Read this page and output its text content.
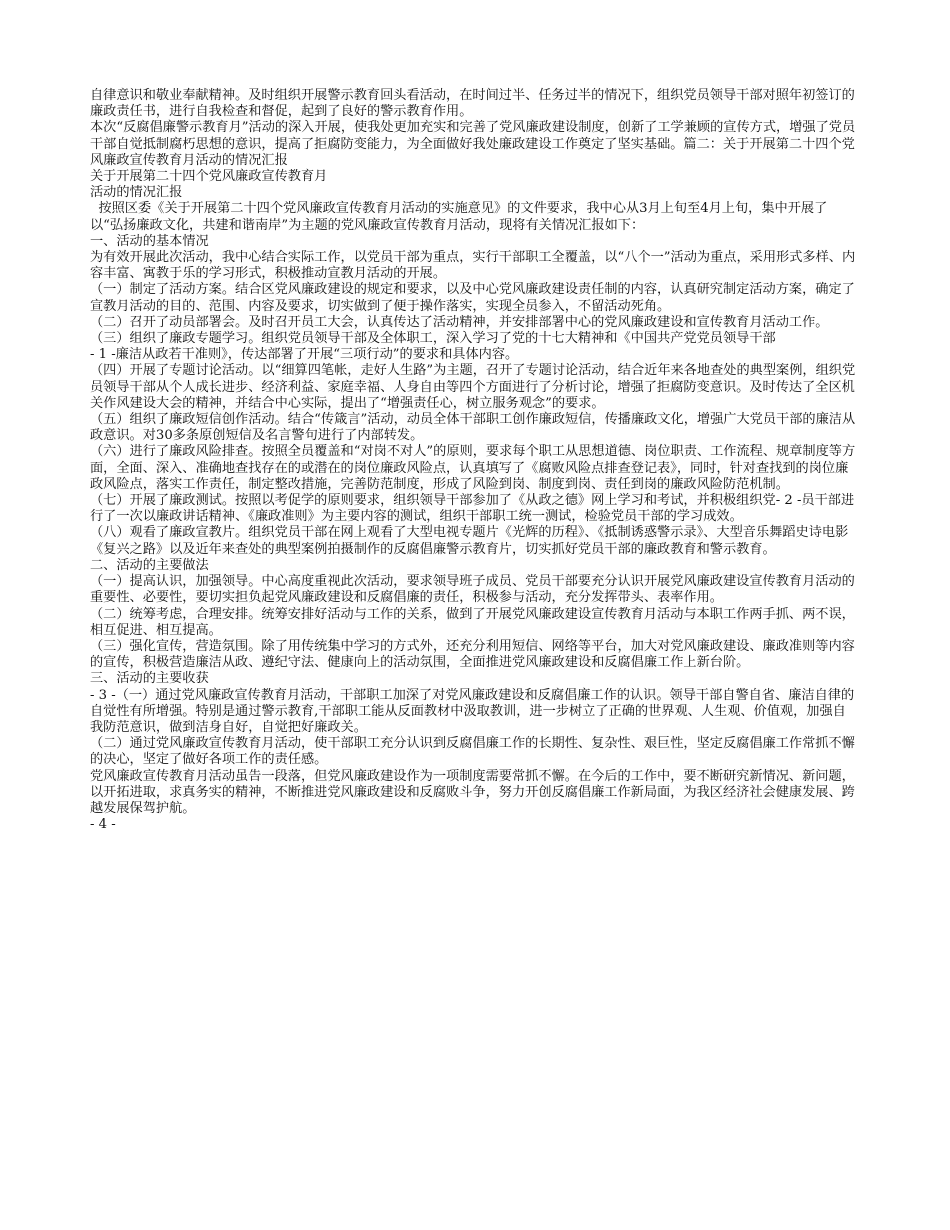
自律意识和敬业奉献精神。及时组织开展警示教育回头看活动，在时间过半、任务过半的情况下，组织党员领导干部对照年初签订的廉政责任书，进行自我检查和督促，起到了良好的警示教育作用。

本次“反腐倡廉警示教育月”活动的深入开展，使我处更加充实和完善了党风廉政建设制度，创新了工学兼顾的宣传方式，增强了党员干部自觉抵制腐朽思想的意识，提高了拒腐防变能力，为全面做好我处廉政建设工作奠定了坚实基础。篇二：关于开展第二十四个党风廉政宣传教育月活动的情况汇报

关于开展第二十四个党风廉政宣传教育月

活动的情况汇报

按照区委《关于开展第二十四个党风廉政宣传教育月活动的实施意见》的文件要求，我中心从3月上旬至4月上旬，集中开展了以“弘扬廉政文化，共建和谐南岸”为主题的党风廉政宣传教育月活动，现将有关情况汇报如下：

一、活动的基本情况

为有效开展此次活动，我中心结合实际工作，以党员干部为重点，实行干部职工全覆盖，以“八个一”活动为重点，采用形式多样、内容丰富、寓教于乐的学习形式，积极推动宣教月活动的开展。

（一）制定了活动方案。结合区党风廉政建设的规定和要求，以及中心党风廉政建设责任制的内容，认真研究制定活动方案，确定了宣教月活动的目的、范围、内容及要求，切实做到了便于操作落实，实现全员参入，不留活动死角。

（二）召开了动员部署会。及时召开员工大会，认真传达了活动精神，并安排部署中心的党风廉政建设和宣传教育月活动工作。

（三）组织了廉政专题学习。组织党员领导干部及全体职工，深入学习了党的十七大精神和《中国共产党党员领导干部

- 1 -廉洁从政若干准则》，传达部署了开展“三项行动”的要求和具体内容。

（四）开展了专题讨论活动。以“细算四笔帐，走好人生路”为主题，召开了专题讨论活动，结合近年来各地查处的典型案例，组织党员领导干部从个人成长进步、经济利益、家庭幸福、人身自由等四个方面进行了分析讨论，增强了拒腐防变意识。及时传达了全区机关作风建设大会的精神，并结合中心实际，提出了“增强责任心，树立服务观念”的要求。

（五）组织了廉政短信创作活动。结合“传箴言”活动，动员全体干部职工创作廉政短信，传播廉政文化，增强广大党员干部的廉洁从政意识。对30多条原创短信及名言警句进行了内部转发。

（六）进行了廉政风险排查。按照全员覆盖和“对岗不对人”的原则，要求每个职工从思想道德、岗位职责、工作流程、规章制度等方面，全面、深入、准确地查找存在的或潜在的岗位廉政风险点，认真填写了《腐败风险点排查登记表》，同时，针对查找到的岗位廉政风险点，落实工作责任，制定整改措施，完善防范制度，形成了风险到岗、制度到岗、责任到岗的廉政风险防范机制。

（七）开展了廉政测试。按照以考促学的原则要求，组织领导干部参加了《从政之德》网上学习和考试，并积极组织党- 2 -员干部进行了一次以廉政讲话精神、《廉政准则》为主要内容的测试，组织干部职工统一测试，检验党员干部的学习成效。

（八）观看了廉政宣教片。组织党员干部在网上观看了大型电视专题片《光辉的历程》、《抵制诱惑警示录》、大型音乐舞蹈史诗电影《复兴之路》以及近年来查处的典型案例拍摄制作的反腐倡廉警示教育片，切实抓好党员干部的廉政教育和警示教育。

二、活动的主要做法

（一）提高认识，加强领导。中心高度重视此次活动，要求领导班子成员、党员干部要充分认识开展党风廉政建设宣传教育月活动的重要性、必要性，要切实担负起党风廉政建设和反腐倡廉的责任，积极参与活动，充分发挥带头、表率作用。

（二）统筹考虑，合理安排。统筹安排好活动与工作的关系，做到了开展党风廉政建设宣传教育月活动与本职工作两手抓、两不误，相互促进、相互提高。

（三）强化宣传，营造氛围。除了用传统集中学习的方式外，还充分利用短信、网络等平台，加大对党风廉政建设、廉政准则等内容的宣传，积极营造廉洁从政、遵纪守法、健康向上的活动氛围，全面推进党风廉政建设和反腐倡廉工作上新台阶。

三、活动的主要收获

- 3 -（一）通过党风廉政宣传教育月活动，干部职工加深了对党风廉政建设和反腐倡廉工作的认识。领导干部自警自省、廉洁自律的自觉性有所增强。特别是通过警示教育,干部职工能从反面教材中汲取教训，进一步树立了正确的世界观、人生观、价值观，加强自我防范意识，做到洁身自好，自觉把好廉政关。

（二）通过党风廉政宣传教育月活动，使干部职工充分认识到反腐倡廉工作的长期性、复杂性、艰巨性，坚定反腐倡廉工作常抓不懈的决心，坚定了做好各项工作的责任感。

党风廉政宣传教育月活动虽告一段落，但党风廉政建设作为一项制度需要常抓不懈。在今后的工作中，要不断研究新情况、新问题，以开拓进取，求真务实的精神，不断推进党风廉政建设和反腐败斗争，努力开创反腐倡廉工作新局面，为我区经济社会健康发展、跨越发展保驾护航。

- 4 -
